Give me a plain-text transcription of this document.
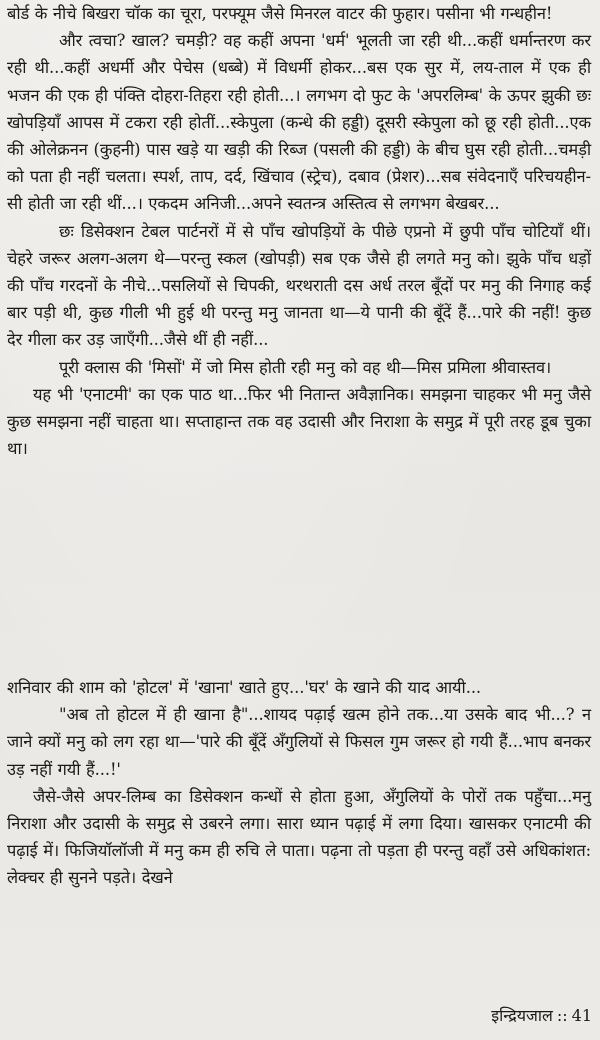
बोर्ड के नीचे बिखरा चॉक का चूरा, परफ्यूम जैसे मिनरल वाटर की फुहार। पसीना भी गन्धहीन!

और त्वचा? खाल? चमड़ी? वह कहीं अपना 'धर्म' भूलती जा रही थी...कहीं धर्मान्तरण कर रही थी...कहीं अधर्मी और पेचेस (धब्बे) में विधर्मी होकर...बस एक सुर में, लय-ताल में एक ही भजन की एक ही पंक्ति दोहरा-तिहरा रही होती...। लगभग दो फुट के 'अपरलिम्ब' के ऊपर झुकी छः खोपड़ियाँ आपस में टकरा रही होतीं...स्केपुला (कन्धे की हड्डी) दूसरी स्केपुला को छू रही होती...एक की ओलेक्रनन (कुहनी) पास खड़े या खड़ी की रिब्ज (पसली की हड्डी) के बीच घुस रही होती...चमड़ी को पता ही नहीं चलता। स्पर्श, ताप, दर्द, खिंचाव (स्ट्रेच), दबाव (प्रेशर)...सब संवेदनाएँ परिचयहीन-सी होती जा रही थीं...। एकदम अनिजी...अपने स्वतन्त्र अस्तित्व से लगभग बेखबर...

छः डिसेक्शन टेबल पार्टनरों में से पाँच खोपड़ियों के पीछे एप्रनो में छुपी पाँच चोटियाँ थीं। चेहरे जरूर अलग-अलग थे—परन्तु स्कल (खोपड़ी) सब एक जैसे ही लगते मनु को। झुके पाँच धड़ों की पाँच गरदनों के नीचे...पसलियों से चिपकी, थरथराती दस अर्ध तरल बूँदों पर मनु की निगाह कई बार पड़ी थी, कुछ गीली भी हुई थी परन्तु मनु जानता था—ये पानी की बूँदें हैं...पारे की नहीं! कुछ देर गीला कर उड़ जाएँगी...जैसे थीं ही नहीं...

पूरी क्लास की 'मिसों' में जो मिस होती रही मनु को वह थी—मिस प्रमिला श्रीवास्तव।

यह भी 'एनाटमी' का एक पाठ था...फिर भी नितान्त अवैज्ञानिक। समझना चाहकर भी मनु जैसे कुछ समझना नहीं चाहता था। सप्ताहान्त तक वह उदासी और निराशा के समुद्र में पूरी तरह डूब चुका था।

शनिवार की शाम को 'होटल' में 'खाना' खाते हुए...'घर' के खाने की याद आयी...

"अब तो होटल में ही खाना है"...शायद पढ़ाई खत्म होने तक...या उसके बाद भी...? न जाने क्यों मनु को लग रहा था—'पारे की बूँदें अँगुलियों से फिसल गुम जरूर हो गयी हैं...भाप बनकर उड़ नहीं गयी हैं...!'

जैसे-जैसे अपर-लिम्ब का डिसेक्शन कन्धों से होता हुआ, अँगुलियों के पोरों तक पहुँचा...मनु निराशा और उदासी के समुद्र से उबरने लगा। सारा ध्यान पढ़ाई में लगा दिया। खासकर एनाटमी की पढ़ाई में। फिजियॉलॉजी में मनु कम ही रुचि ले पाता। पढ़ना तो पड़ता ही परन्तु वहाँ उसे अधिकांशत: लेक्चर ही सुनने पड़ते। देखने

इन्द्रियजाल :: 41
